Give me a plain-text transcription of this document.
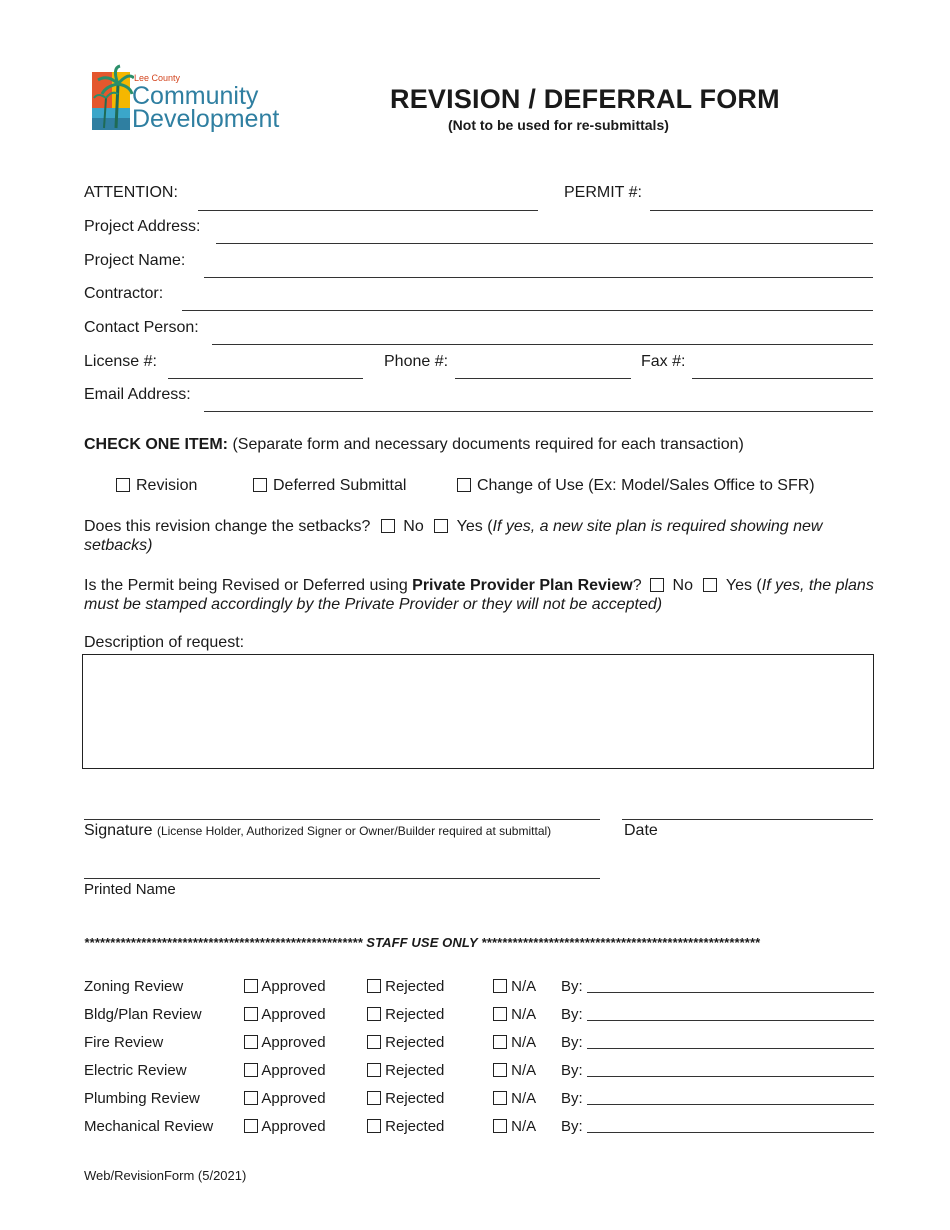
Lee County
Community
Development
REVISION / DEFERRAL FORM
(Not to be used for re-submittals)
ATTENTION:	PERMIT #:
Project Address:
Project Name:
Contractor:
Contact Person:
License #:	Phone #:	Fax #:
Email Address:
CHECK ONE ITEM: (Separate form and necessary documents required for each transaction)
Revision	Deferred Submittal	Change of Use (Ex: Model/Sales Office to SFR)
Does this revision change the setbacks? No Yes (If yes, a new site plan is required showing new setbacks)
Is the Permit being Revised or Deferred using Private Provider Plan Review? No Yes (If yes, the plans must be stamped accordingly by the Private Provider or they will not be accepted)
Description of request:
Signature (License Holder, Authorized Signer or Owner/Builder required at submittal)	Date
Printed Name
****************************************************** STAFF USE ONLY ******************************************************
Zoning Review	Approved	Rejected	N/A By:
Bldg/Plan Review	Approved	Rejected	N/A By:
Fire Review	Approved	Rejected	N/A By:
Electric Review	Approved	Rejected	N/A By:
Plumbing Review	Approved	Rejected	N/A By:
Mechanical Review	Approved	Rejected	N/A By:
Web/RevisionForm (5/2021)
